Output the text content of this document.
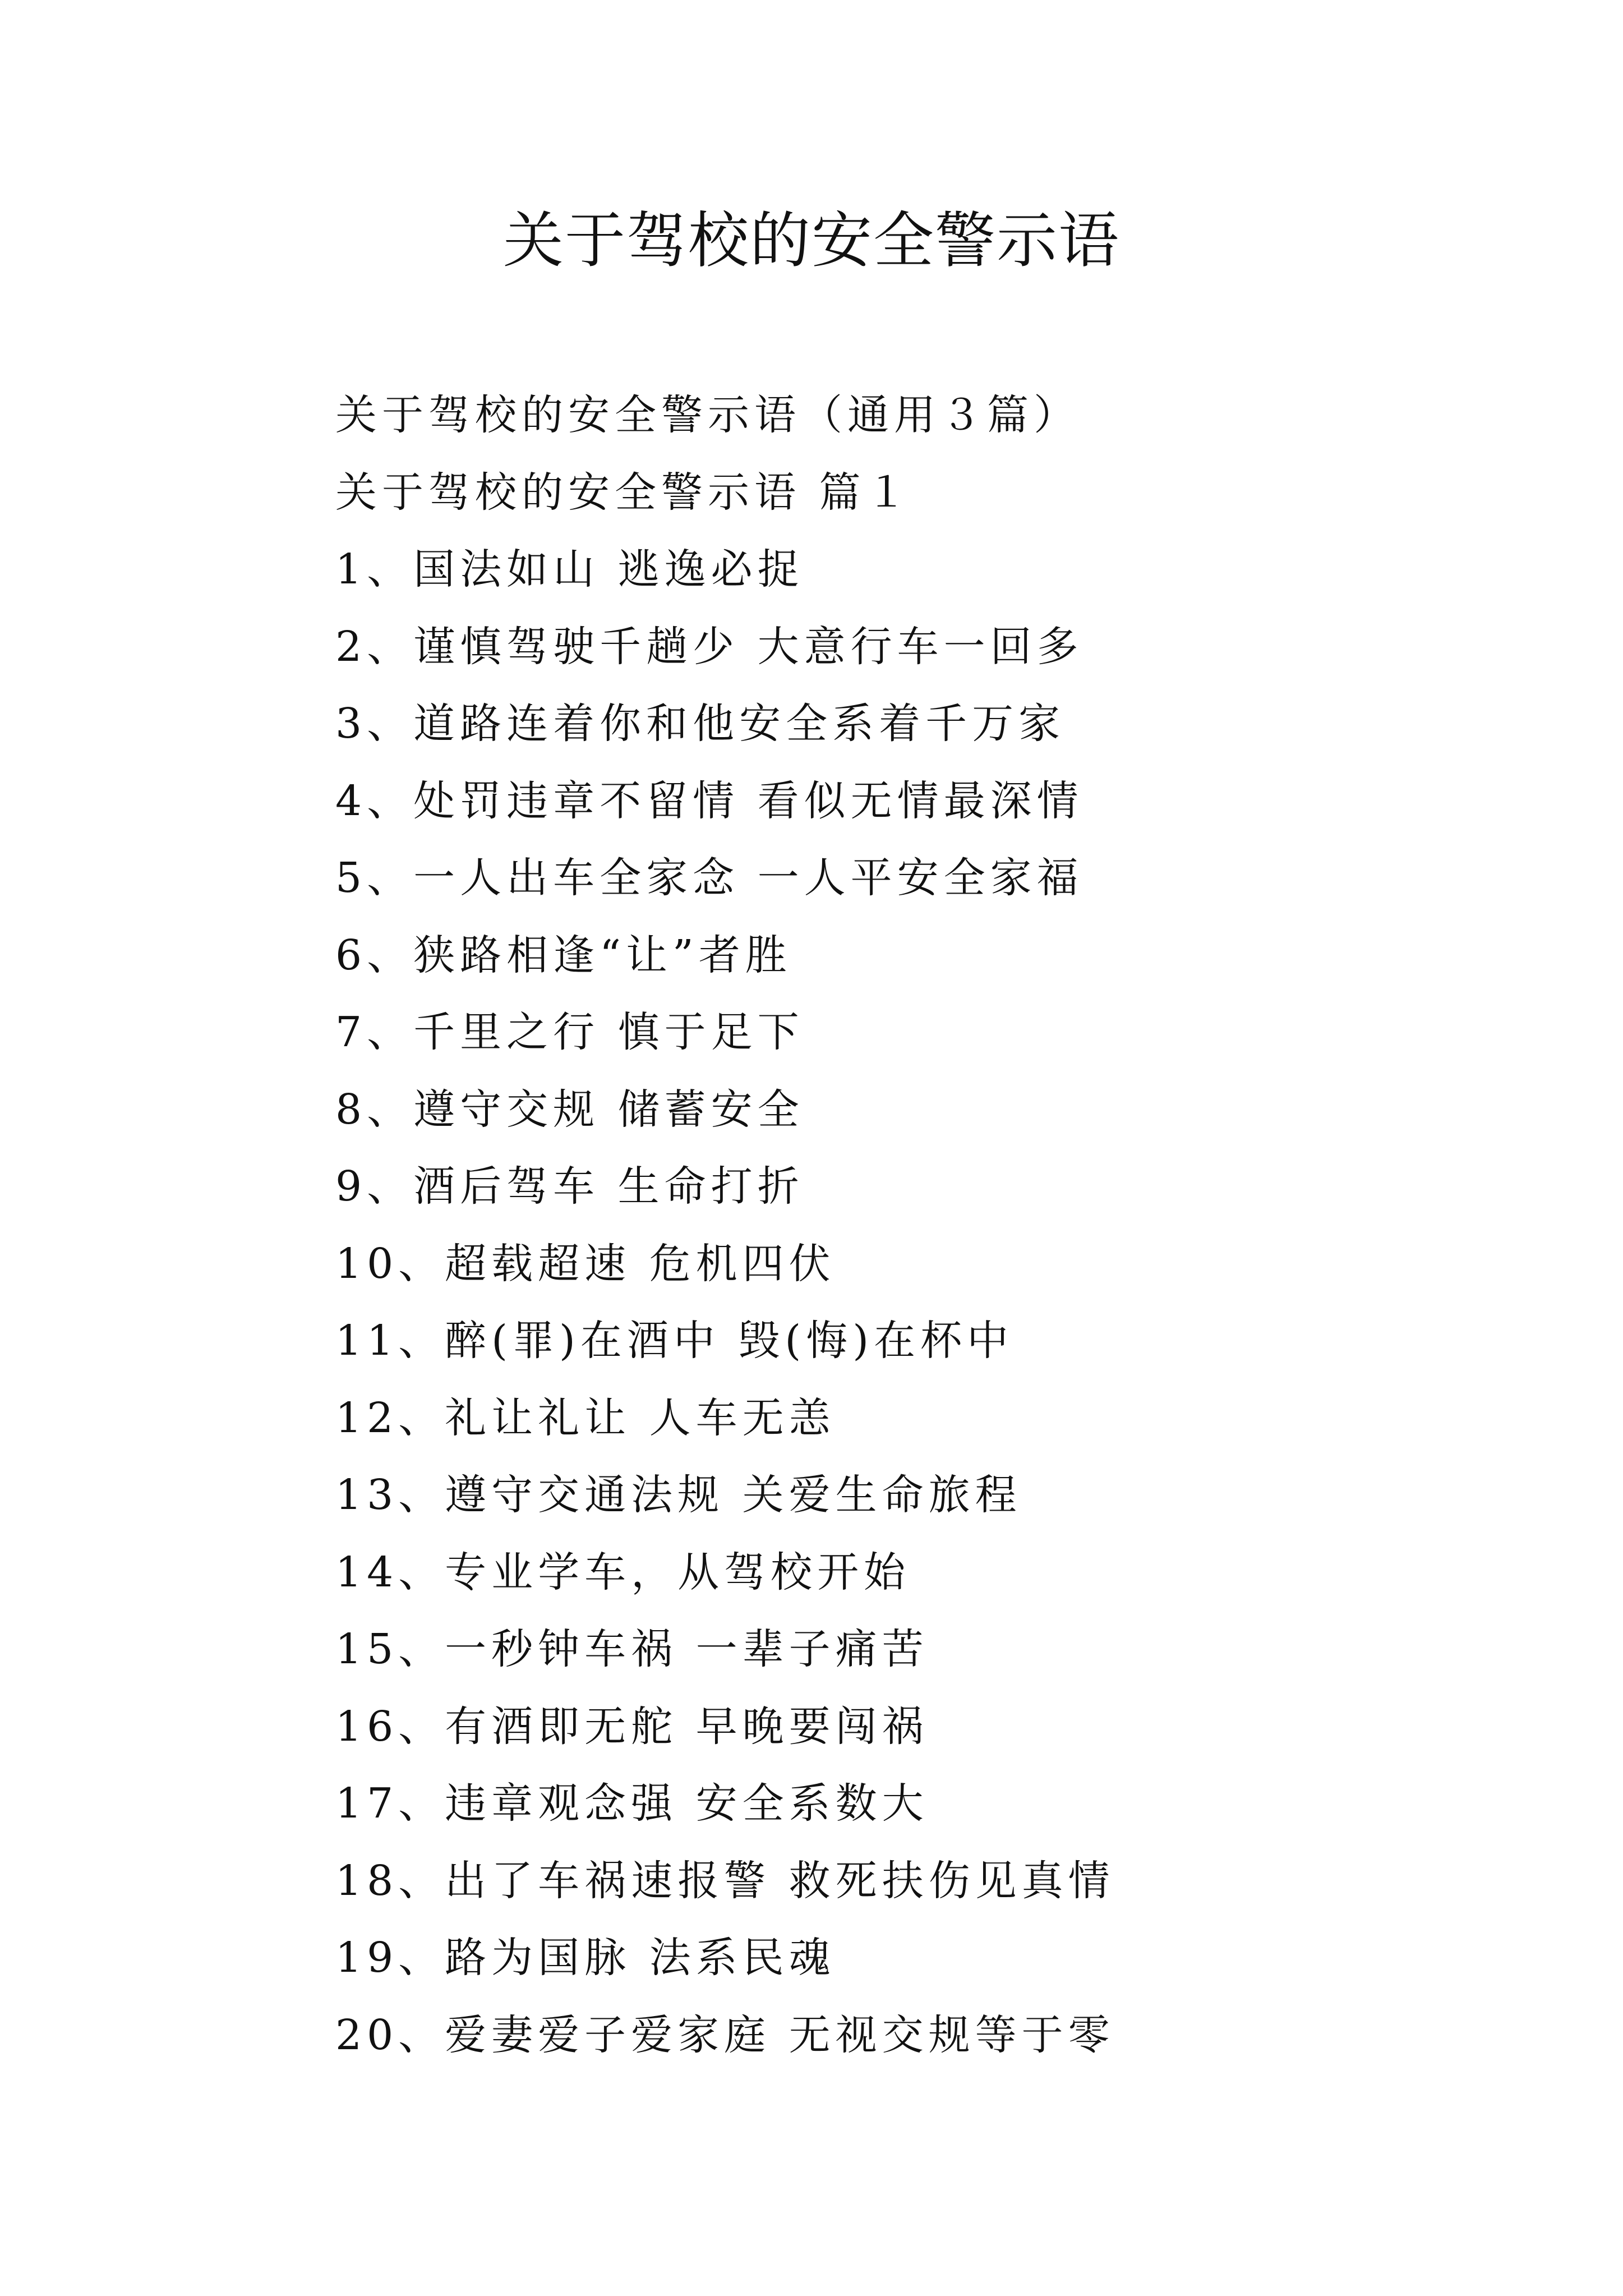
关于驾校的安全警示语
关于驾校的安全警示语（通用３篇）
关于驾校的安全警示语 篇１
1、国法如山 逃逸必捉
2、谨慎驾驶千趟少 大意行车一回多
3、道路连着你和他安全系着千万家
4、处罚违章不留情 看似无情最深情
5、一人出车全家念 一人平安全家福
6、狭路相逢“让”者胜
7、千里之行 慎于足下
8、遵守交规 储蓄安全
9、酒后驾车 生命打折
10、超载超速 危机四伏
11、醉(罪)在酒中 毁(悔)在杯中
12、礼让礼让 人车无恙
13、遵守交通法规 关爱生命旅程
14、专业学车，从驾校开始
15、一秒钟车祸 一辈子痛苦
16、有酒即无舵 早晚要闯祸
17、违章观念强 安全系数大
18、出了车祸速报警 救死扶伤见真情
19、路为国脉 法系民魂
20、爱妻爱子爱家庭 无视交规等于零
